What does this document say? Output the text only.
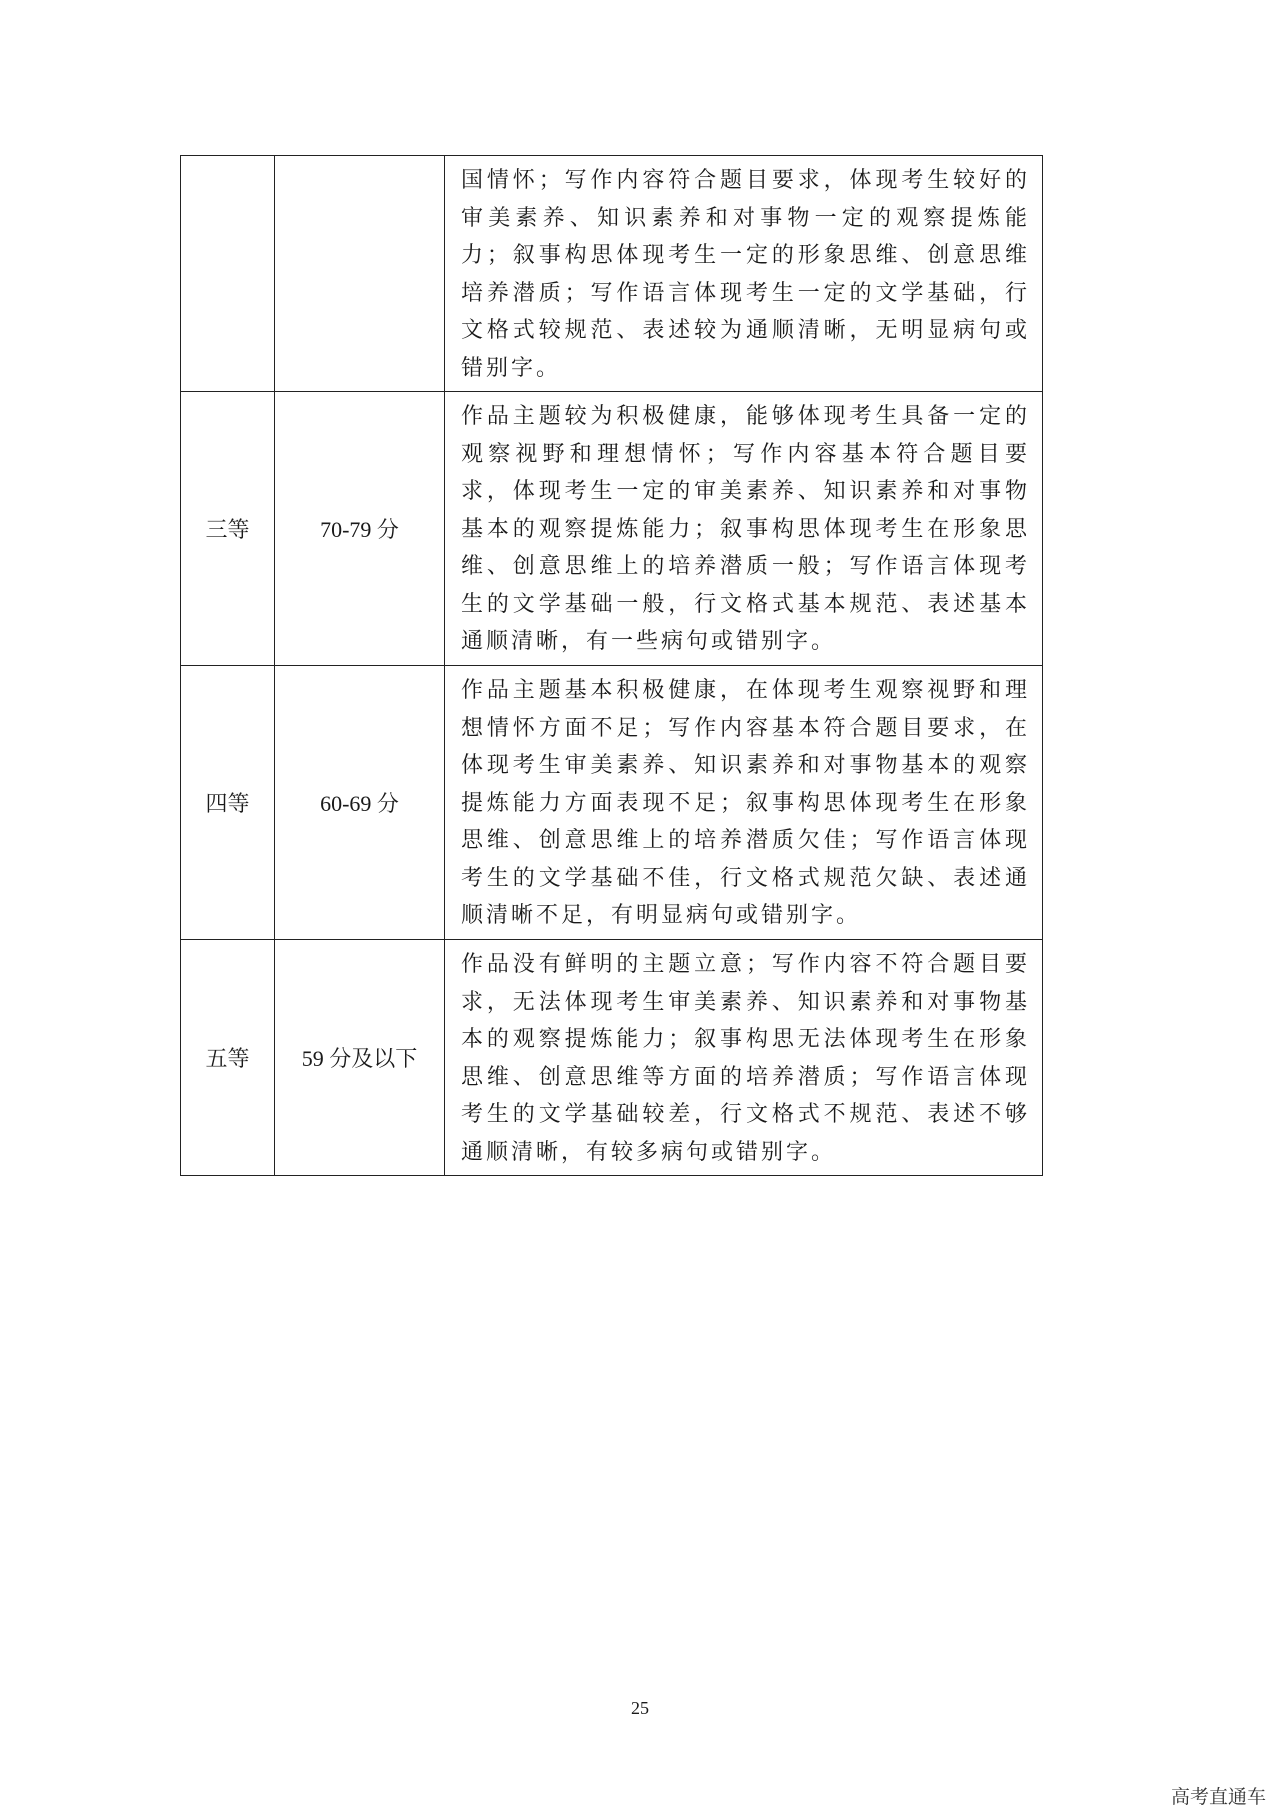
		国情怀；写作内容符合题目要求，体现考生较好的审美素养、知识素养和对事物一定的观察提炼能力；叙事构思体现考生一定的形象思维、创意思维培养潜质；写作语言体现考生一定的文学基础，行文格式较规范、表述较为通顺清晰，无明显病句或错别字。
三等	70-79 分	作品主题较为积极健康，能够体现考生具备一定的观察视野和理想情怀；写作内容基本符合题目要求，体现考生一定的审美素养、知识素养和对事物基本的观察提炼能力；叙事构思体现考生在形象思维、创意思维上的培养潜质一般；写作语言体现考生的文学基础一般，行文格式基本规范、表述基本通顺清晰，有一些病句或错别字。
四等	60-69 分	作品主题基本积极健康，在体现考生观察视野和理想情怀方面不足；写作内容基本符合题目要求，在体现考生审美素养、知识素养和对事物基本的观察提炼能力方面表现不足；叙事构思体现考生在形象思维、创意思维上的培养潜质欠佳；写作语言体现考生的文学基础不佳，行文格式规范欠缺、表述通顺清晰不足，有明显病句或错别字。
五等	59 分及以下	作品没有鲜明的主题立意；写作内容不符合题目要求，无法体现考生审美素养、知识素养和对事物基本的观察提炼能力；叙事构思无法体现考生在形象思维、创意思维等方面的培养潜质；写作语言体现考生的文学基础较差，行文格式不规范、表述不够通顺清晰，有较多病句或错别字。
25
高考直通车
